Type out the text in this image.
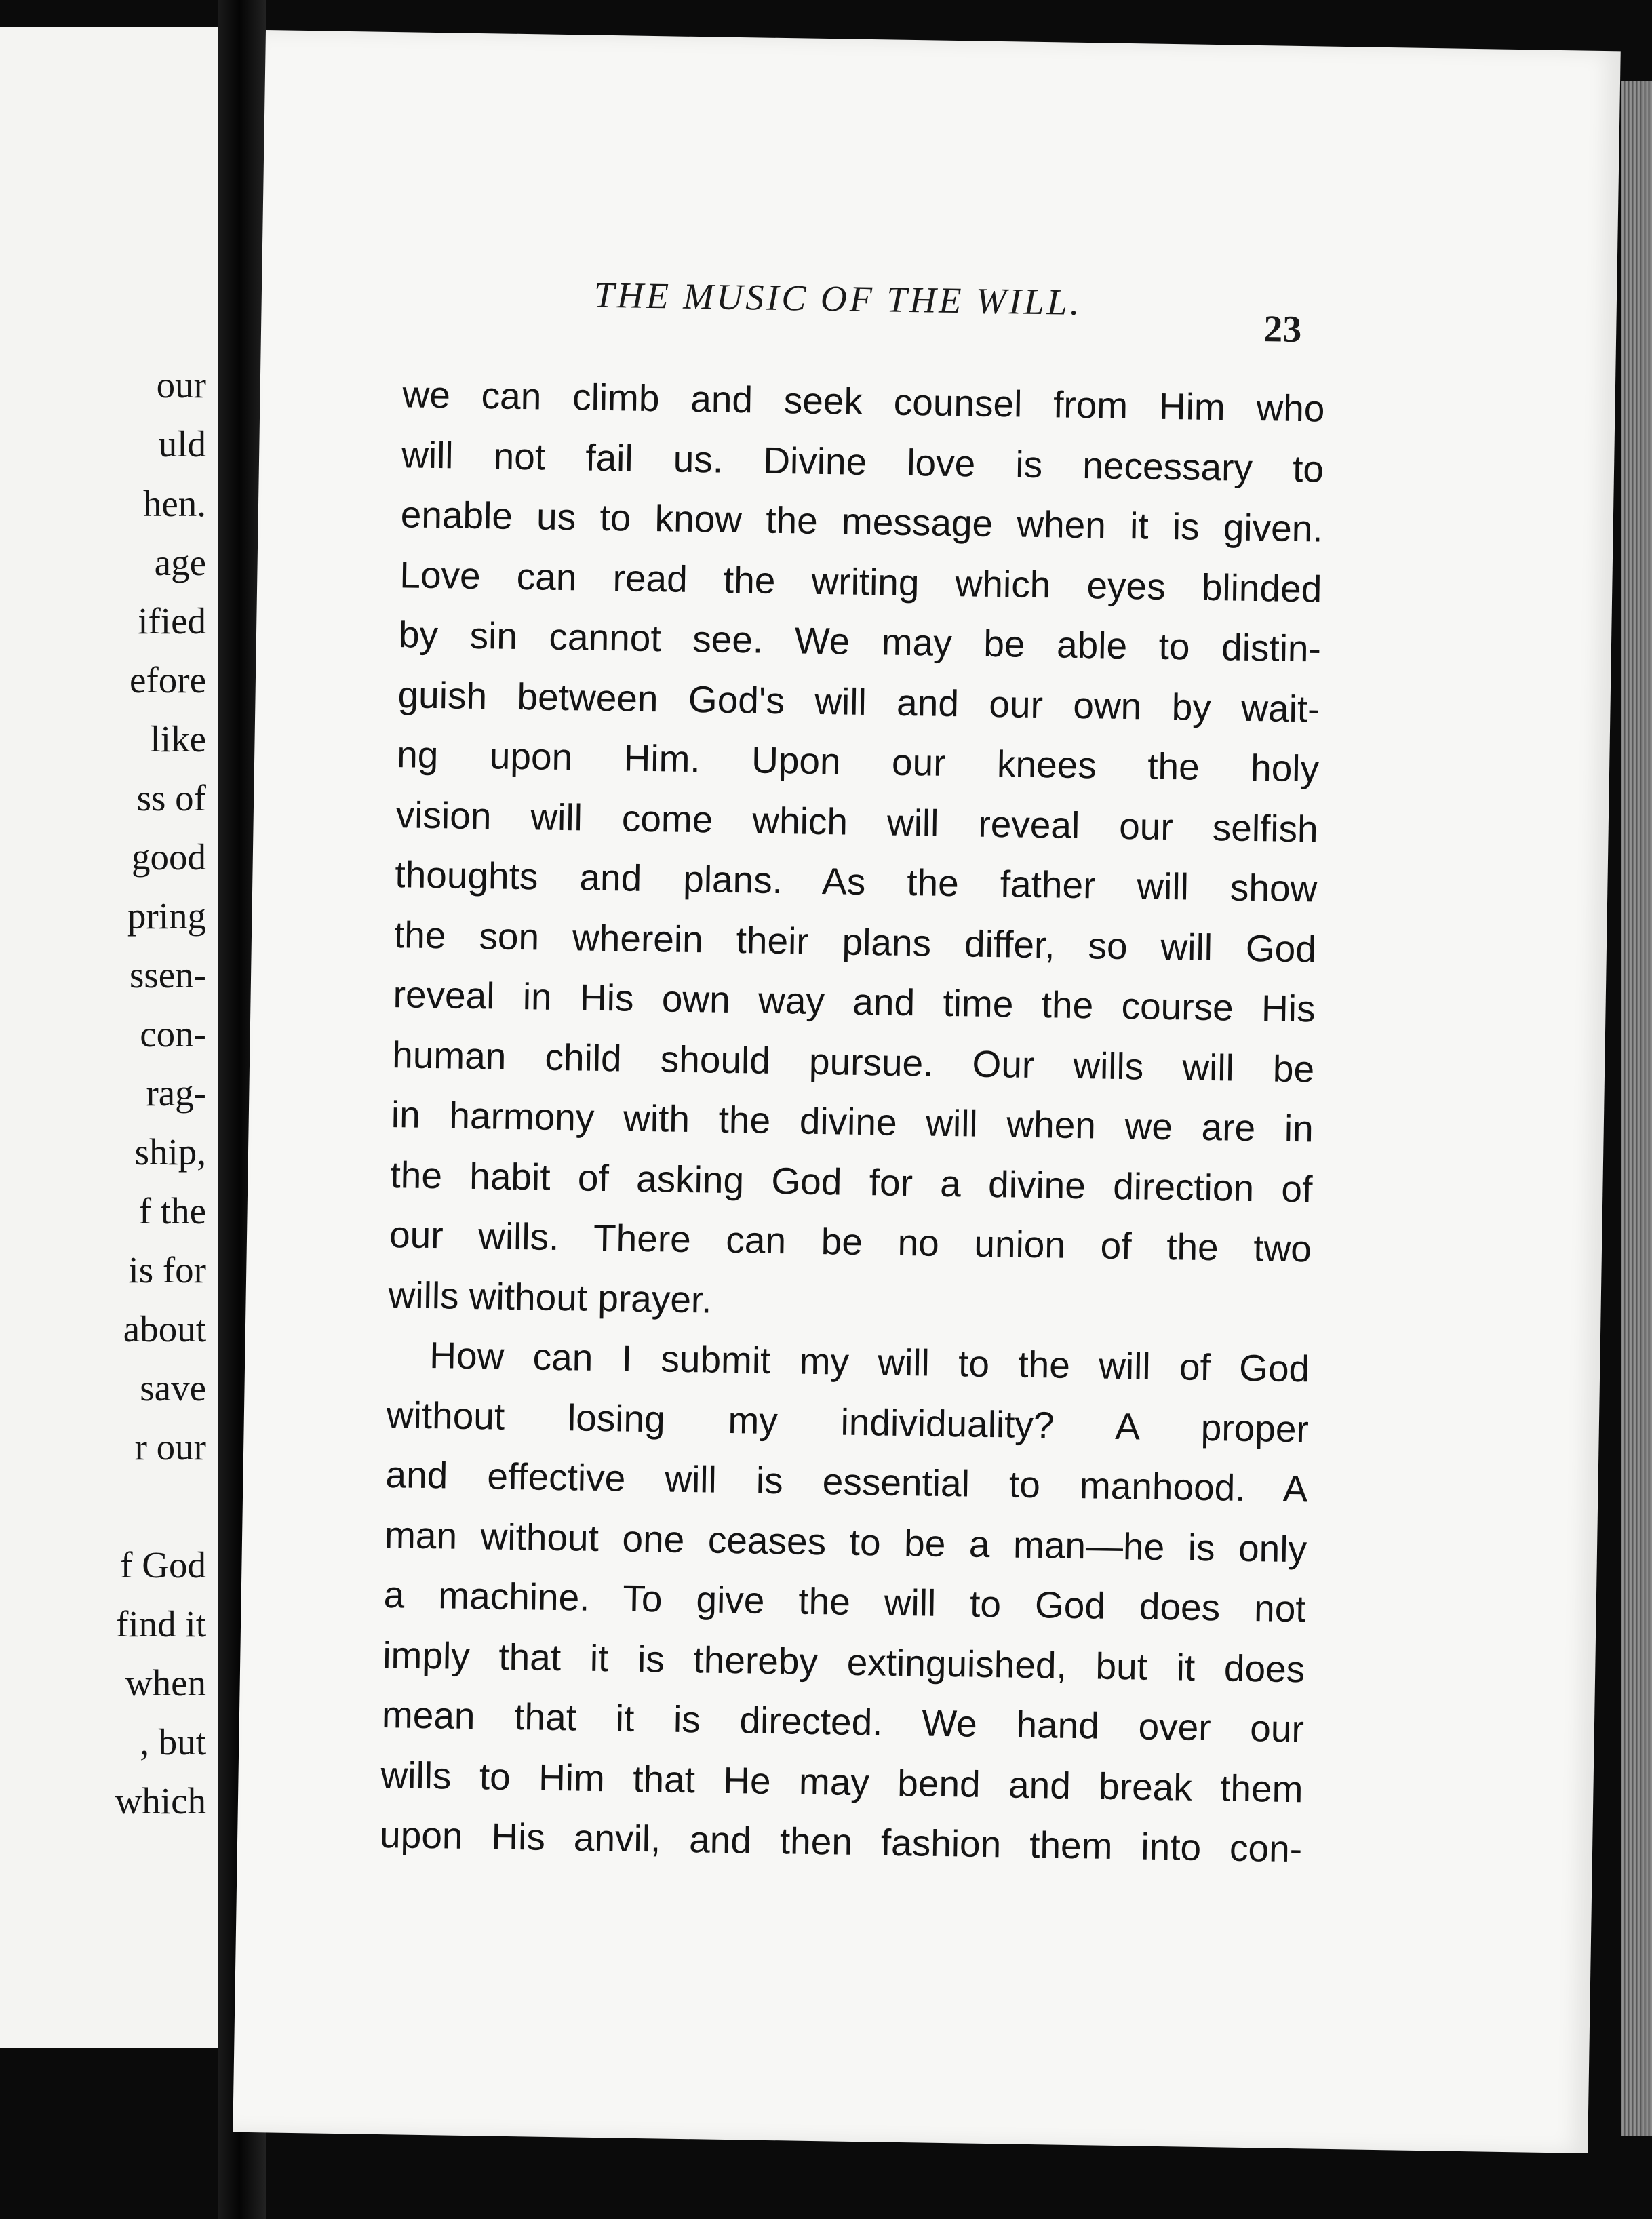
our
uld
hen.
age
ified
efore
like
ss of
good
pring
ssen-
con-
rag-
ship,
f the
is for
about
save
r our
f God
find it
when
, but
which
THE MUSIC OF THE WILL.
23
we can climb and seek counsel from Him who
will not fail us. Divine love is necessary to
enable us to know the message when it is given.
Love can read the writing which eyes blinded
by sin cannot see. We may be able to distin-
guish between God's will and our own by wait-
ng upon Him. Upon our knees the holy
vision will come which will reveal our selfish
thoughts and plans. As the father will show
the son wherein their plans differ, so will God
reveal in His own way and time the course His
human child should pursue. Our wills will be
in harmony with the divine will when we are in
the habit of asking God for a divine direction of
our wills. There can be no union of the two
wills without prayer.
How can I submit my will to the will of God
without losing my individuality? A proper
and effective will is essential to manhood. A
man without one ceases to be a man—he is only
a machine. To give the will to God does not
imply that it is thereby extinguished, but it does
mean that it is directed. We hand over our
wills to Him that He may bend and break them
upon His anvil, and then fashion them into con-
